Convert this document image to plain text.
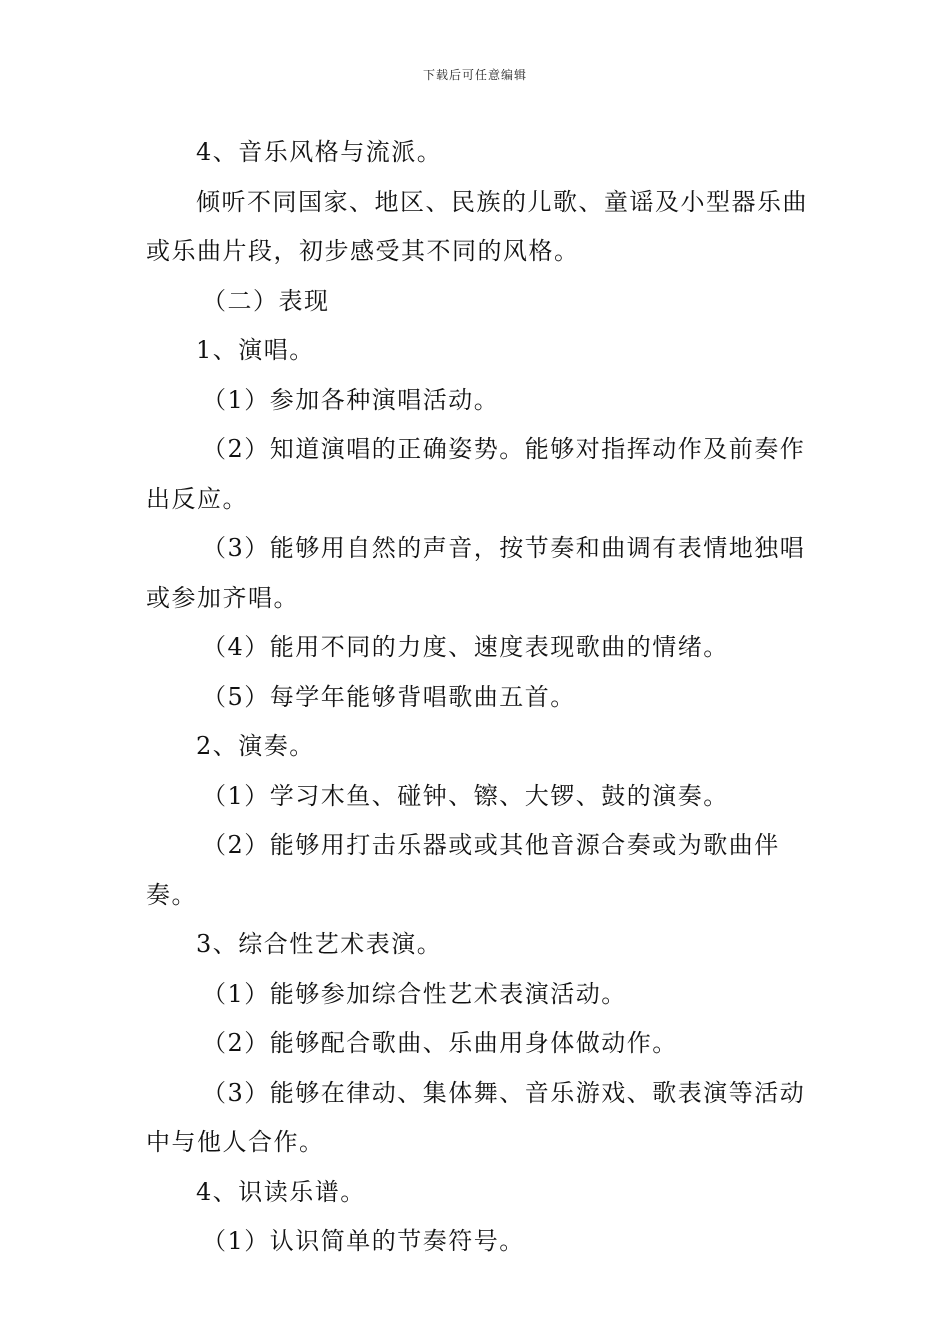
下载后可任意编辑

4、音乐风格与流派。

倾听不同国家、地区、民族的儿歌、童谣及小型器乐曲或乐曲片段，初步感受其不同的风格。

（二）表现

1、演唱。

（1）参加各种演唱活动。

（2）知道演唱的正确姿势。能够对指挥动作及前奏作出反应。

（3）能够用自然的声音，按节奏和曲调有表情地独唱或参加齐唱。

（4）能用不同的力度、速度表现歌曲的情绪。

（5）每学年能够背唱歌曲五首。

2、演奏。

（1）学习木鱼、碰钟、镲、大锣、鼓的演奏。

（2）能够用打击乐器或或其他音源合奏或为歌曲伴奏。

3、综合性艺术表演。

（1）能够参加综合性艺术表演活动。

（2）能够配合歌曲、乐曲用身体做动作。

（3）能够在律动、集体舞、音乐游戏、歌表演等活动中与他人合作。

4、识读乐谱。

（1）认识简单的节奏符号。
